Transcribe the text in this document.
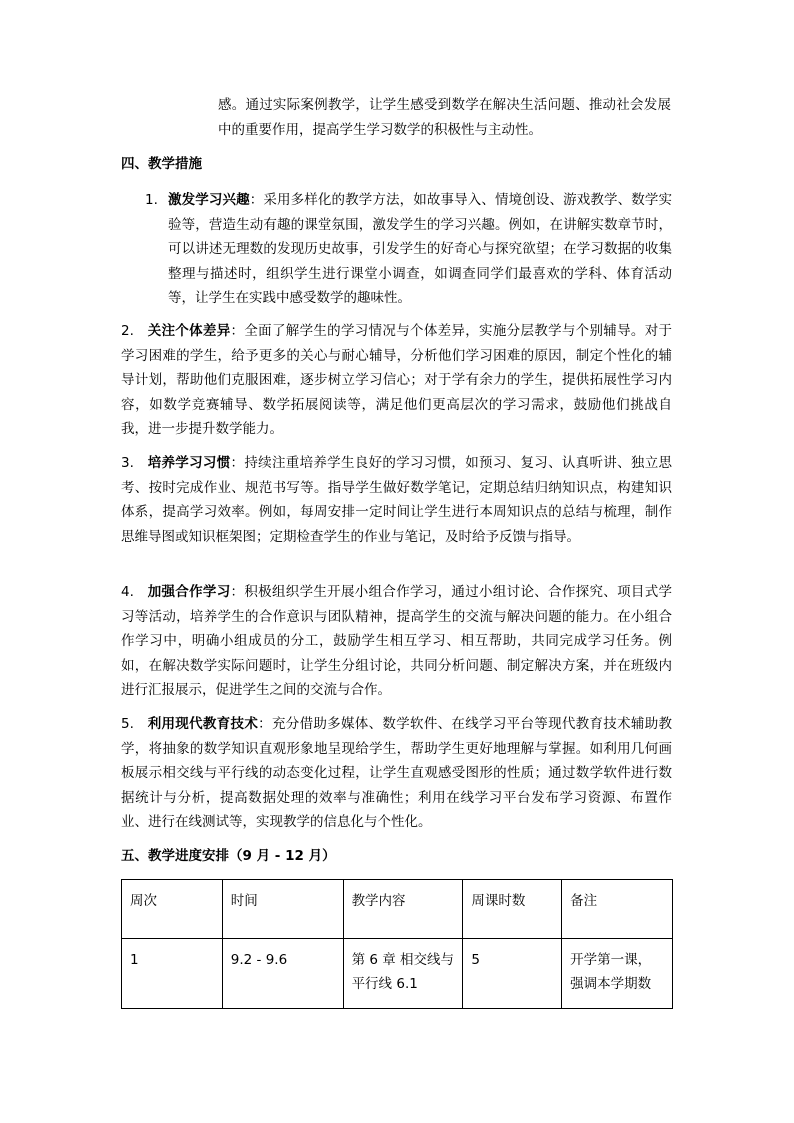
感。通过实际案例教学，让学生感受到数学在解决生活问题、推动社会发展中的重要作用，提高学生学习数学的积极性与主动性。
四、教学措施
1. 激发学习兴趣：采用多样化的教学方法，如故事导入、情境创设、游戏教学、数学实验等，营造生动有趣的课堂氛围，激发学生的学习兴趣。例如，在讲解实数章节时，可以讲述无理数的发现历史故事，引发学生的好奇心与探究欲望；在学习数据的收集整理与描述时，组织学生进行课堂小调查，如调查同学们最喜欢的学科、体育活动等，让学生在实践中感受数学的趣味性。
2. 关注个体差异：全面了解学生的学习情况与个体差异，实施分层教学与个别辅导。对于学习困难的学生，给予更多的关心与耐心辅导，分析他们学习困难的原因，制定个性化的辅导计划，帮助他们克服困难，逐步树立学习信心；对于学有余力的学生，提供拓展性学习内容，如数学竞赛辅导、数学拓展阅读等，满足他们更高层次的学习需求，鼓励他们挑战自我，进一步提升数学能力。
3. 培养学习习惯：持续注重培养学生良好的学习习惯，如预习、复习、认真听讲、独立思考、按时完成作业、规范书写等。指导学生做好数学笔记，定期总结归纳知识点，构建知识体系，提高学习效率。例如，每周安排一定时间让学生进行本周知识点的总结与梳理，制作思维导图或知识框架图；定期检查学生的作业与笔记，及时给予反馈与指导。
4. 加强合作学习：积极组织学生开展小组合作学习，通过小组讨论、合作探究、项目式学习等活动，培养学生的合作意识与团队精神，提高学生的交流与解决问题的能力。在小组合作学习中，明确小组成员的分工，鼓励学生相互学习、相互帮助，共同完成学习任务。例如，在解决数学实际问题时，让学生分组讨论，共同分析问题、制定解决方案，并在班级内进行汇报展示，促进学生之间的交流与合作。
5. 利用现代教育技术：充分借助多媒体、数学软件、在线学习平台等现代教育技术辅助教学，将抽象的数学知识直观形象地呈现给学生，帮助学生更好地理解与掌握。如利用几何画板展示相交线与平行线的动态变化过程，让学生直观感受图形的性质；通过数学软件进行数据统计与分析，提高数据处理的效率与准确性；利用在线学习平台发布学习资源、布置作业、进行在线测试等，实现教学的信息化与个性化。
五、教学进度安排（9 月 - 12 月）
周次	时间	教学内容	周课时数	备注
1	9.2 - 9.6	第 6 章 相交线与平行线 6.1	5	开学第一课，强调本学期数
